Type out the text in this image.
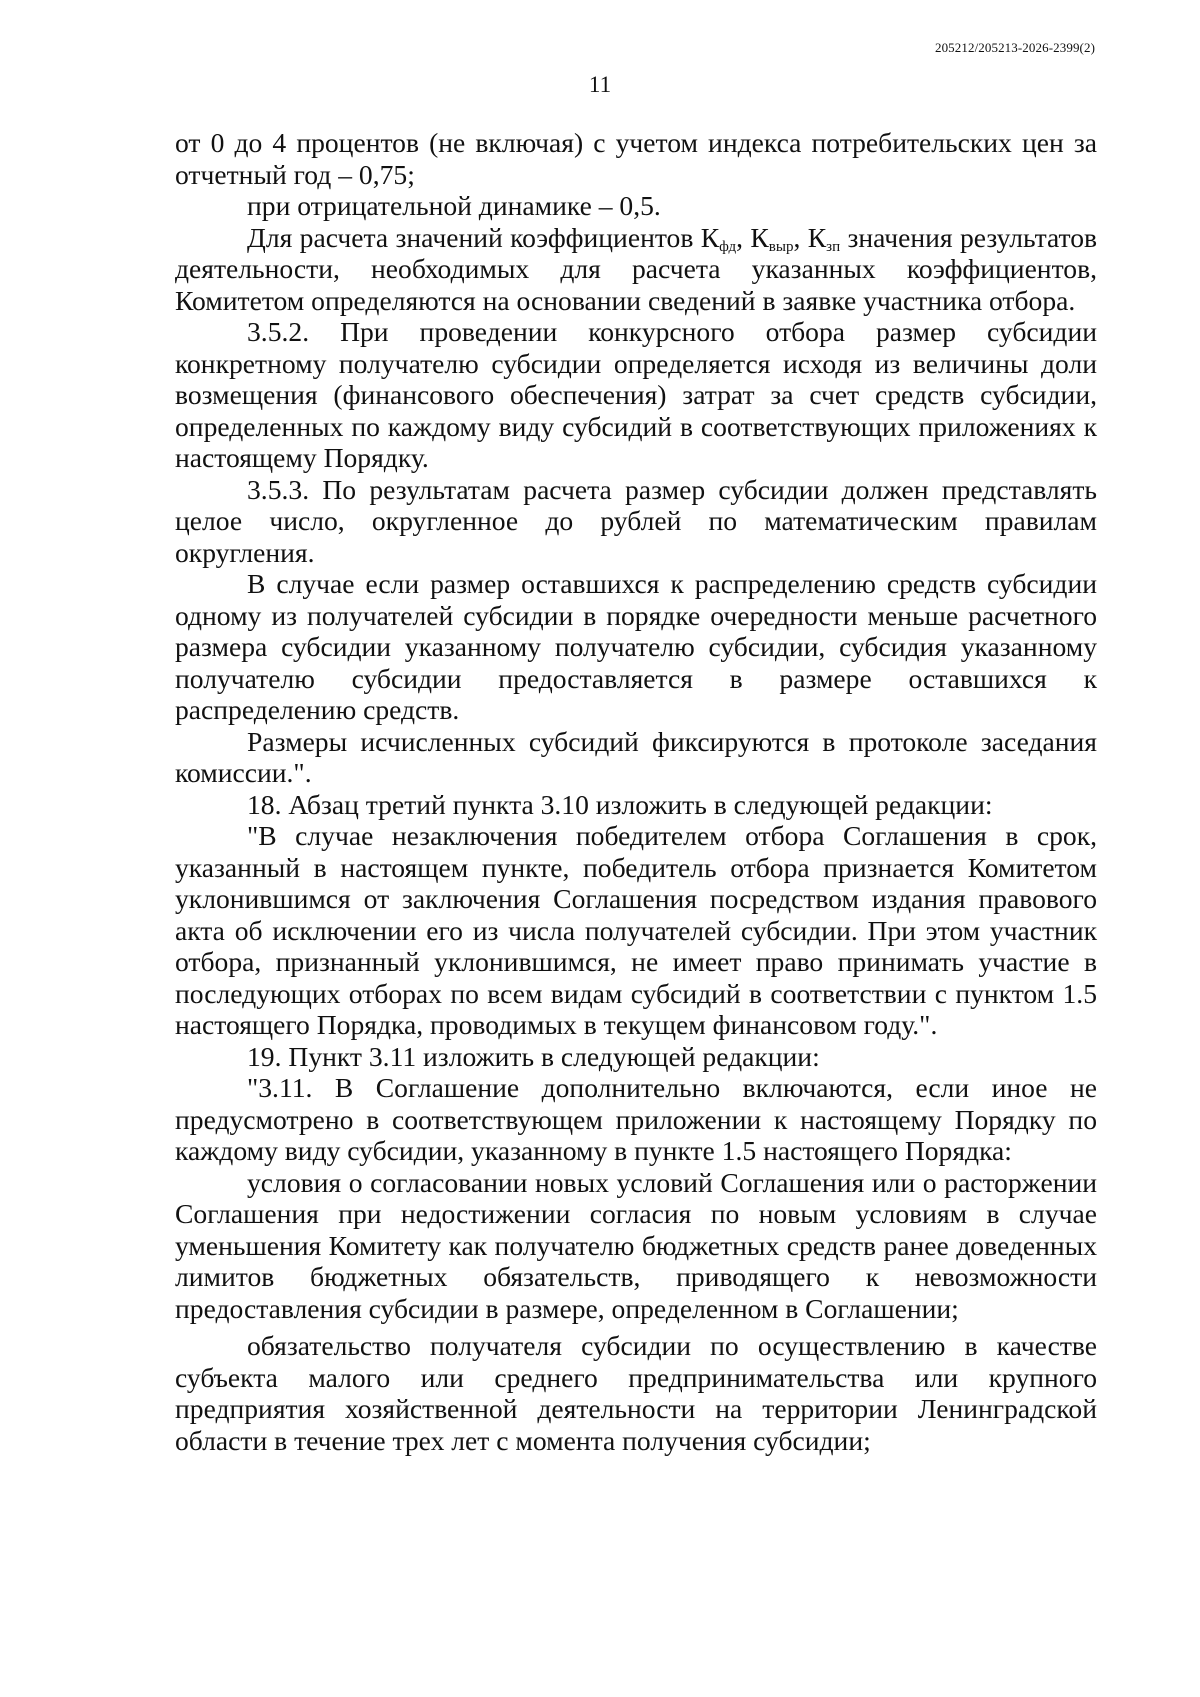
205212/205213-2026-2399(2)
11

от 0 до 4 процентов (не включая) с учетом индекса потребительских цен за отчетный год – 0,75;

при отрицательной динамике – 0,5.

Для расчета значений коэффициентов $К_{фд}$, $К_{выр}$, $К_{зп}$ значения результатов деятельности, необходимых для расчета указанных коэффициентов, Комитетом определяются на основании сведений в заявке участника отбора.

3.5.2. При проведении конкурсного отбора размер субсидии конкретному получателю субсидии определяется исходя из величины доли возмещения (финансового обеспечения) затрат за счет средств субсидии, определенных по каждому виду субсидий в соответствующих приложениях к настоящему Порядку.

3.5.3. По результатам расчета размер субсидии должен представлять целое число, округленное до рублей по математическим правилам округления.

В случае если размер оставшихся к распределению средств субсидии одному из получателей субсидии в порядке очередности меньше расчетного размера субсидии указанному получателю субсидии, субсидия указанному получателю субсидии предоставляется в размере оставшихся к распределению средств.

Размеры исчисленных субсидий фиксируются в протоколе заседания комиссии.".

18. Абзац третий пункта 3.10 изложить в следующей редакции:

"В случае незаключения победителем отбора Соглашения в срок, указанный в настоящем пункте, победитель отбора признается Комитетом уклонившимся от заключения Соглашения посредством издания правового акта об исключении его из числа получателей субсидии. При этом участник отбора, признанный уклонившимся, не имеет право принимать участие в последующих отборах по всем видам субсидий в соответствии с пунктом 1.5 настоящего Порядка, проводимых в текущем финансовом году.".

19. Пункт 3.11 изложить в следующей редакции:

"3.11. В Соглашение дополнительно включаются, если иное не предусмотрено в соответствующем приложении к настоящему Порядку по каждому виду субсидии, указанному в пункте 1.5 настоящего Порядка:

условия о согласовании новых условий Соглашения или о расторжении Соглашения при недостижении согласия по новым условиям в случае уменьшения Комитету как получателю бюджетных средств ранее доведенных лимитов бюджетных обязательств, приводящего к невозможности предоставления субсидии в размере, определенном в Соглашении;

обязательство получателя субсидии по осуществлению в качестве субъекта малого или среднего предпринимательства или крупного предприятия хозяйственной деятельности на территории Ленинградской области в течение трех лет с момента получения субсидии;
